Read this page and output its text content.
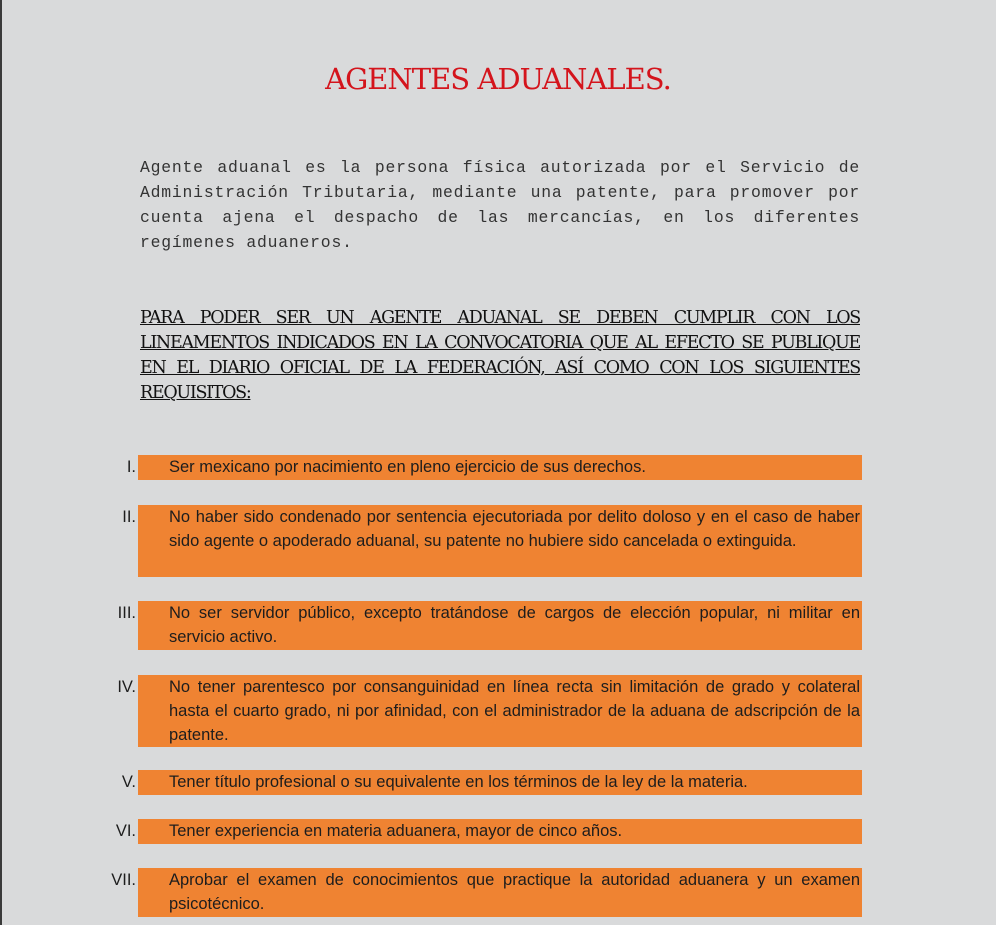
AGENTES ADUANALES.

Agente aduanal es la persona física autorizada por el Servicio de Administración Tributaria, mediante una patente, para promover por cuenta ajena el despacho de las mercancías, en los diferentes regímenes aduaneros.

PARA PODER SER UN AGENTE ADUANAL SE DEBEN CUMPLIR CON LOS LINEAMENTOS INDICADOS EN LA CONVOCATORIA QUE AL EFECTO SE PUBLIQUE EN EL DIARIO OFICIAL DE LA FEDERACIÓN, ASÍ COMO CON LOS SIGUIENTES REQUISITOS:

I. Ser mexicano por nacimiento en pleno ejercicio de sus derechos.

II. No haber sido condenado por sentencia ejecutoriada por delito doloso y en el caso de haber sido agente o apoderado aduanal, su patente no hubiere sido cancelada o extinguida.

III. No ser servidor público, excepto tratándose de cargos de elección popular, ni militar en servicio activo.

IV. No tener parentesco por consanguinidad en línea recta sin limitación de grado y colateral hasta el cuarto grado, ni por afinidad, con el administrador de la aduana de adscripción de la patente.

V. Tener título profesional o su equivalente en los términos de la ley de la materia.

VI. Tener experiencia en materia aduanera, mayor de cinco años.

VII. Aprobar el examen de conocimientos que practique la autoridad aduanera y un examen psicotécnico.
